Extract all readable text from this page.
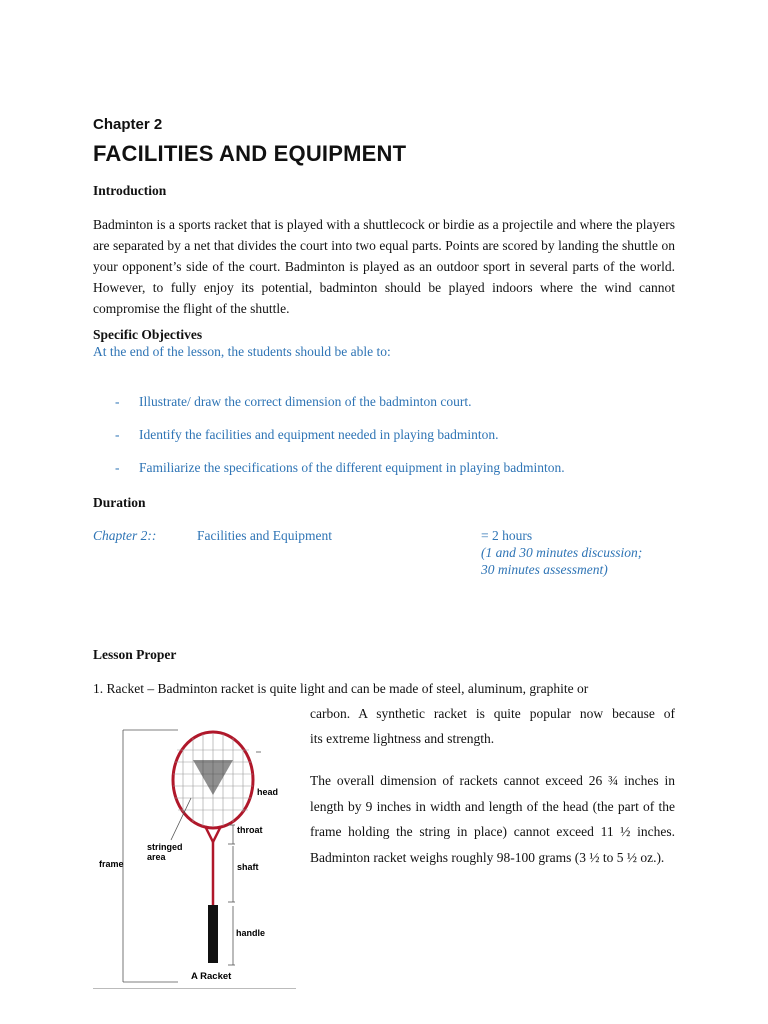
Chapter 2
FACILITIES AND EQUIPMENT
Introduction
Badminton is a sports racket that is played with a shuttlecock or birdie as a projectile and where the players are separated by a net that divides the court into two equal parts. Points are scored by landing the shuttle on your opponent’s side of the court. Badminton is played as an outdoor sport in several parts of the world. However, to fully enjoy its potential, badminton should be played indoors where the wind cannot compromise the flight of the shuttle.
Specific Objectives
At the end of the lesson, the students should be able to:
-	Illustrate/ draw the correct dimension of the badminton court.
-	Identify the facilities and equipment needed in playing badminton.
-	Familiarize the specifications of the different equipment in playing badminton.
Duration
Chapter 2::	Facilities and Equipment	= 2 hours
(1 and 30 minutes discussion;
30 minutes assessment)
Lesson Proper
1. Racket – Badminton racket is quite light and can be made of steel, aluminum, graphite or
carbon. A synthetic racket is quite popular now because of
its extreme lightness and strength.
The overall dimension of rackets cannot exceed 26 ¾ inches in length by 9 inches in width and length of the head (the part of the frame holding the string in place) cannot exceed 11 ½ inches. Badminton racket weighs roughly 98-100 grams (3 ½ to 5 ½ oz.).
head
throat
stringed
area
frame	shaft
handle
A Racket
